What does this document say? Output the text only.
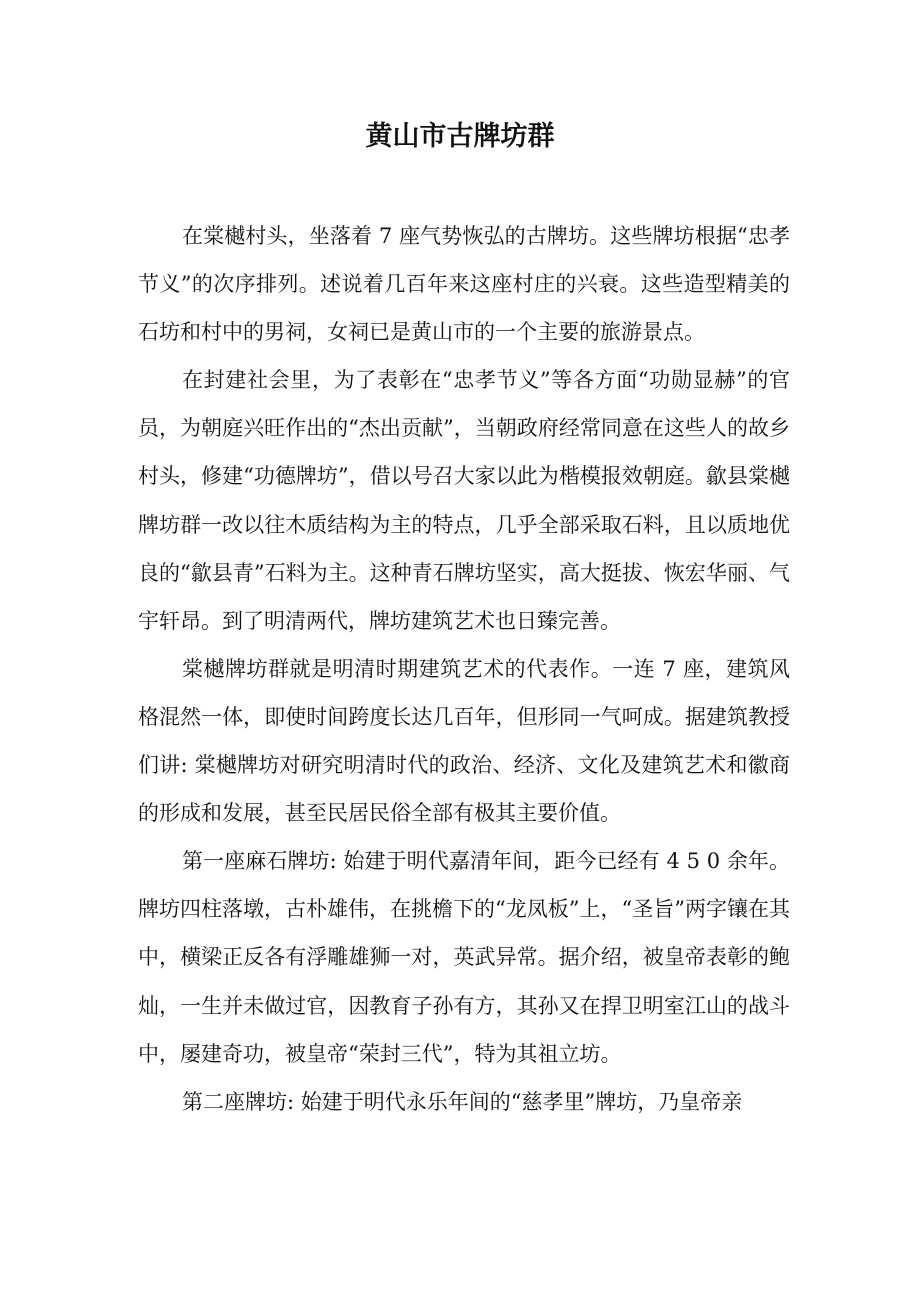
黄山市古牌坊群

在棠樾村头，坐落着 7 座气势恢弘的古牌坊。这些牌坊根据“忠孝节义”的次序排列。述说着几百年来这座村庄的兴衰。这些造型精美的石坊和村中的男祠，女祠已是黄山市的一个主要的旅游景点。

在封建社会里，为了表彰在“忠孝节义”等各方面“功勋显赫”的官员，为朝庭兴旺作出的“杰出贡献”，当朝政府经常同意在这些人的故乡村头，修建“功德牌坊”，借以号召大家以此为楷模报效朝庭。歙县棠樾牌坊群一改以往木质结构为主的特点，几乎全部采取石料，且以质地优良的“歙县青”石料为主。这种青石牌坊坚实，高大挺拔、恢宏华丽、气宇轩昂。到了明清两代，牌坊建筑艺术也日臻完善。

棠樾牌坊群就是明清时期建筑艺术的代表作。一连 7 座，建筑风格混然一体，即使时间跨度长达几百年，但形同一气呵成。据建筑教授们讲: 棠樾牌坊对研究明清时代的政治、经济、文化及建筑艺术和徽商的形成和发展，甚至民居民俗全部有极其主要价值。

第一座麻石牌坊: 始建于明代嘉清年间，距今已经有 4 5 0 余年。牌坊四柱落墩，古朴雄伟，在挑檐下的“龙凤板”上，“圣旨”两字镶在其中，横梁正反各有浮雕雄狮一对，英武异常。据介绍，被皇帝表彰的鲍灿，一生并未做过官，因教育子孙有方，其孙又在捍卫明室江山的战斗中，屡建奇功，被皇帝“荣封三代”，特为其祖立坊。

第二座牌坊: 始建于明代永乐年间的“慈孝里”牌坊，乃皇帝亲
